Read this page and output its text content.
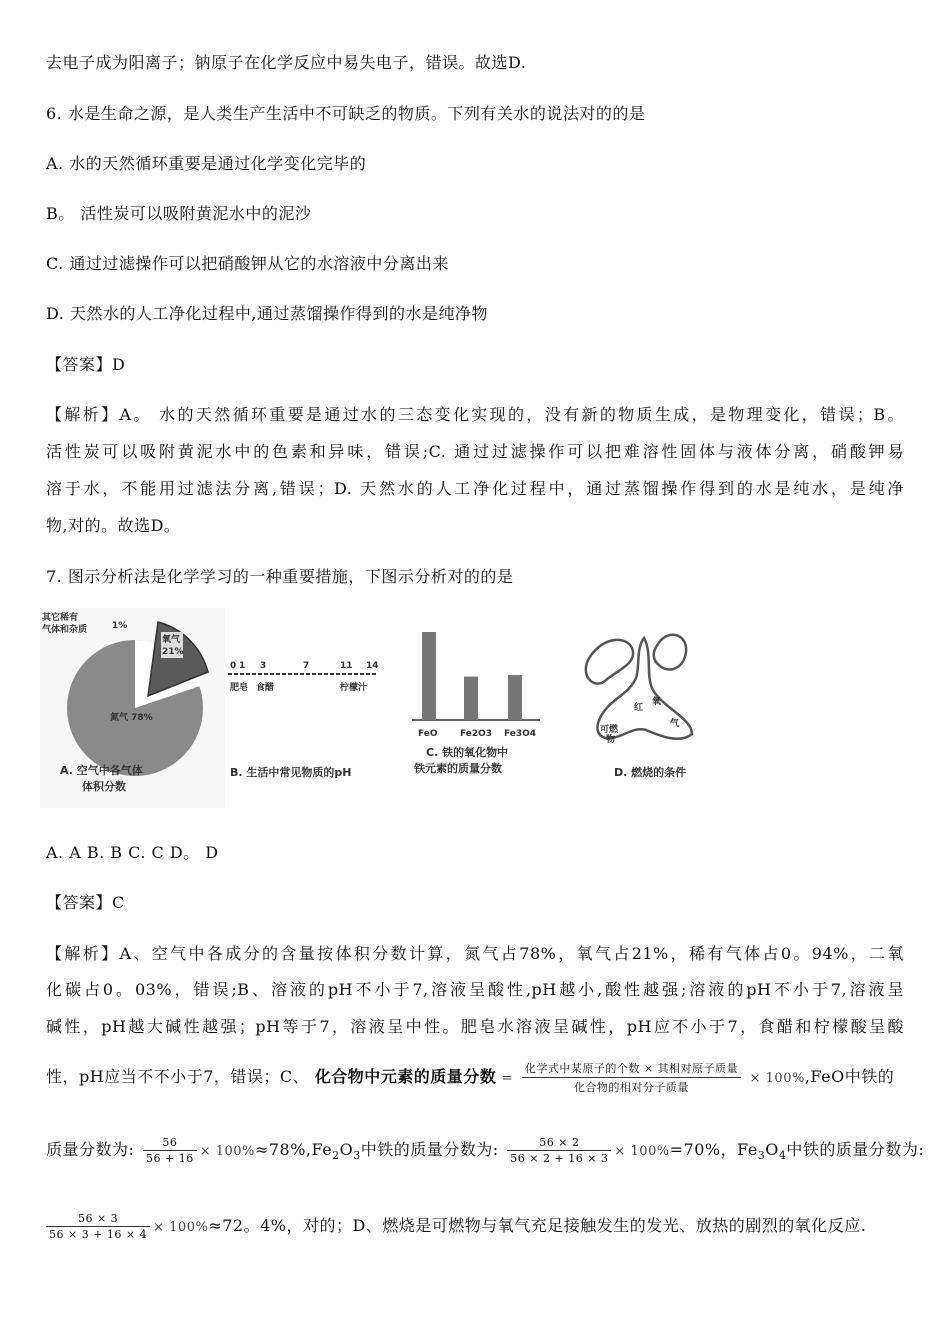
去电子成为阳离子；钠原子在化学反应中易失电子，错误。故选D.
6. 水是生命之源，是人类生产生活中不可缺乏的物质。下列有关水的说法对的的是
A. 水的天然循环重要是通过化学变化完毕的
B。 活性炭可以吸附黄泥水中的泥沙
C. 通过过滤操作可以把硝酸钾从它的水溶液中分离出来
D. 天然水的人工净化过程中,通过蒸馏操作得到的水是纯净物
【答案】D
【解析】A。 水的天然循环重要是通过水的三态变化实现的，没有新的物质生成，是物理变化，错误；B。
活性炭可以吸附黄泥水中的色素和异味，错误;C. 通过过滤操作可以把难溶性固体与液体分离，硝酸钾易
溶于水，不能用过滤法分离,错误；D. 天然水的人工净化过程中，通过蒸馏操作得到的水是纯水，是纯净
物,对的。故选D。
7. 图示分析法是化学学习的一种重要措施，下图示分析对的的是
氧气
21%
其它稀有
气体和杂质	1%
氮气 78%
A. 空气中各气体
体积分数
0 1 3	7	11 14
肥皂 食醋	柠檬汁
B. 生活中常见物质的pH
FeO Fe2O3 Fe3O4
C. 铁的氧化物中
铁元素的质量分数
可燃
物
红
氧
气
D. 燃烧的条件
A. A B. B C. C D。 D
【答案】C
【解析】A、空气中各成分的含量按体积分数计算，氮气占78%，氧气占21%，稀有气体占0。94%，二氧
化碳占0。03%，错误;B、溶液的pH不小于7,溶液呈酸性,pH越小,酸性越强;溶液的pH不小于7,溶液呈
碱性，pH越大碱性越强；pH等于7，溶液呈中性。肥皂水溶液呈碱性，pH应不小于7，食醋和柠檬酸呈酸
性，pH应当不不小于7，错误；C、 化合物中元素的质量分数 = $\frac{\text{化学式中某原子的个数 × 其相对原子质量}}{\text{化合物的相对分子质量}} \times 100\%,FeO$中铁的
质量分数为: $\frac{56}{56 + 16} \times 100\%\approx 78\%,Fe_2O_3$中铁的质量分数为: $\frac{56 \times 2}{56 \times 2 + 16 \times 3} \times 100\%=70\%$，$Fe_3O_4$中铁的质量分数为:
$\frac{56 \times 3}{56 \times 3 + 16 \times 4} \times 100\%\approx 72$。4%，对的；D、燃烧是可燃物与氧气充足接触发生的发光、放热的剧烈的氧化反应.
